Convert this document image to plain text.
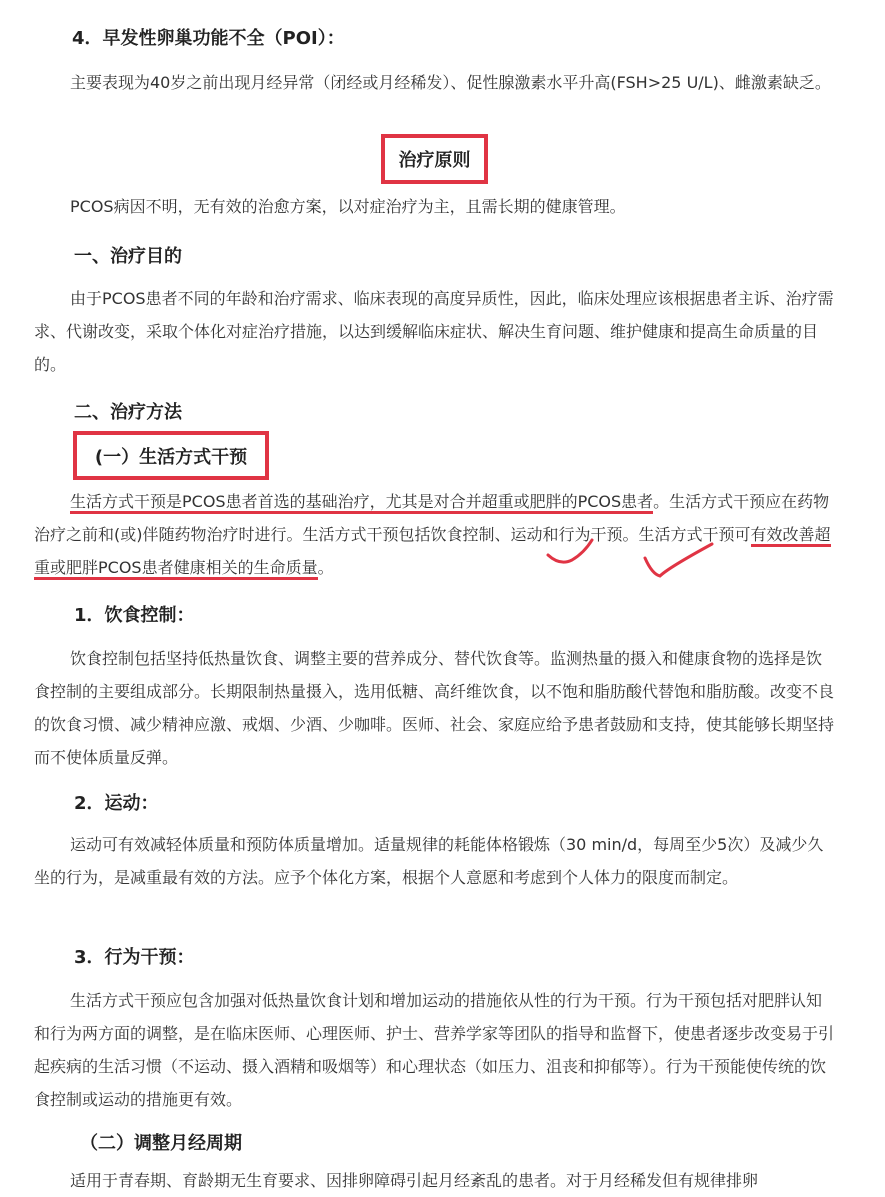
4．早发性卵巢功能不全（POI）：

主要表现为40岁之前出现月经异常（闭经或月经稀发）、促性腺激素水平升高(FSH>25 U/L)、雌激素缺乏。

治疗原则

PCOS病因不明，无有效的治愈方案，以对症治疗为主，且需长期的健康管理。

一、治疗目的

由于PCOS患者不同的年龄和治疗需求、临床表现的高度异质性，因此，临床处理应该根据患者主诉、治疗需求、代谢改变，采取个体化对症治疗措施，以达到缓解临床症状、解决生育问题、维护健康和提高生命质量的目的。

二、治疗方法

(一）生活方式干预

生活方式干预是PCOS患者首选的基础治疗，尤其是对合并超重或肥胖的PCOS患者。生活方式干预应在药物治疗之前和(或)伴随药物治疗时进行。生活方式干预包括饮食控制、运动和行为干预。生活方式干预可有效改善超重或肥胖PCOS患者健康相关的生命质量。

1．饮食控制：

饮食控制包括坚持低热量饮食、调整主要的营养成分、替代饮食等。监测热量的摄入和健康食物的选择是饮食控制的主要组成部分。长期限制热量摄入，选用低糖、高纤维饮食，以不饱和脂肪酸代替饱和脂肪酸。改变不良的饮食习惯、减少精神应激、戒烟、少酒、少咖啡。医师、社会、家庭应给予患者鼓励和支持，使其能够长期坚持而不使体质量反弹。

2．运动：

运动可有效减轻体质量和预防体质量增加。适量规律的耗能体格锻炼（30 min/d，每周至少5次）及减少久坐的行为，是减重最有效的方法。应予个体化方案，根据个人意愿和考虑到个人体力的限度而制定。

3．行为干预：

生活方式干预应包含加强对低热量饮食计划和增加运动的措施依从性的行为干预。行为干预包括对肥胖认知和行为两方面的调整，是在临床医师、心理医师、护士、营养学家等团队的指导和监督下，使患者逐步改变易于引起疾病的生活习惯（不运动、摄入酒精和吸烟等）和心理状态（如压力、沮丧和抑郁等）。行为干预能使传统的饮食控制或运动的措施更有效。

（二）调整月经周期

适用于青春期、育龄期无生育要求、因排卵障碍引起月经紊乱的患者。对于月经稀发但有规律排卵
